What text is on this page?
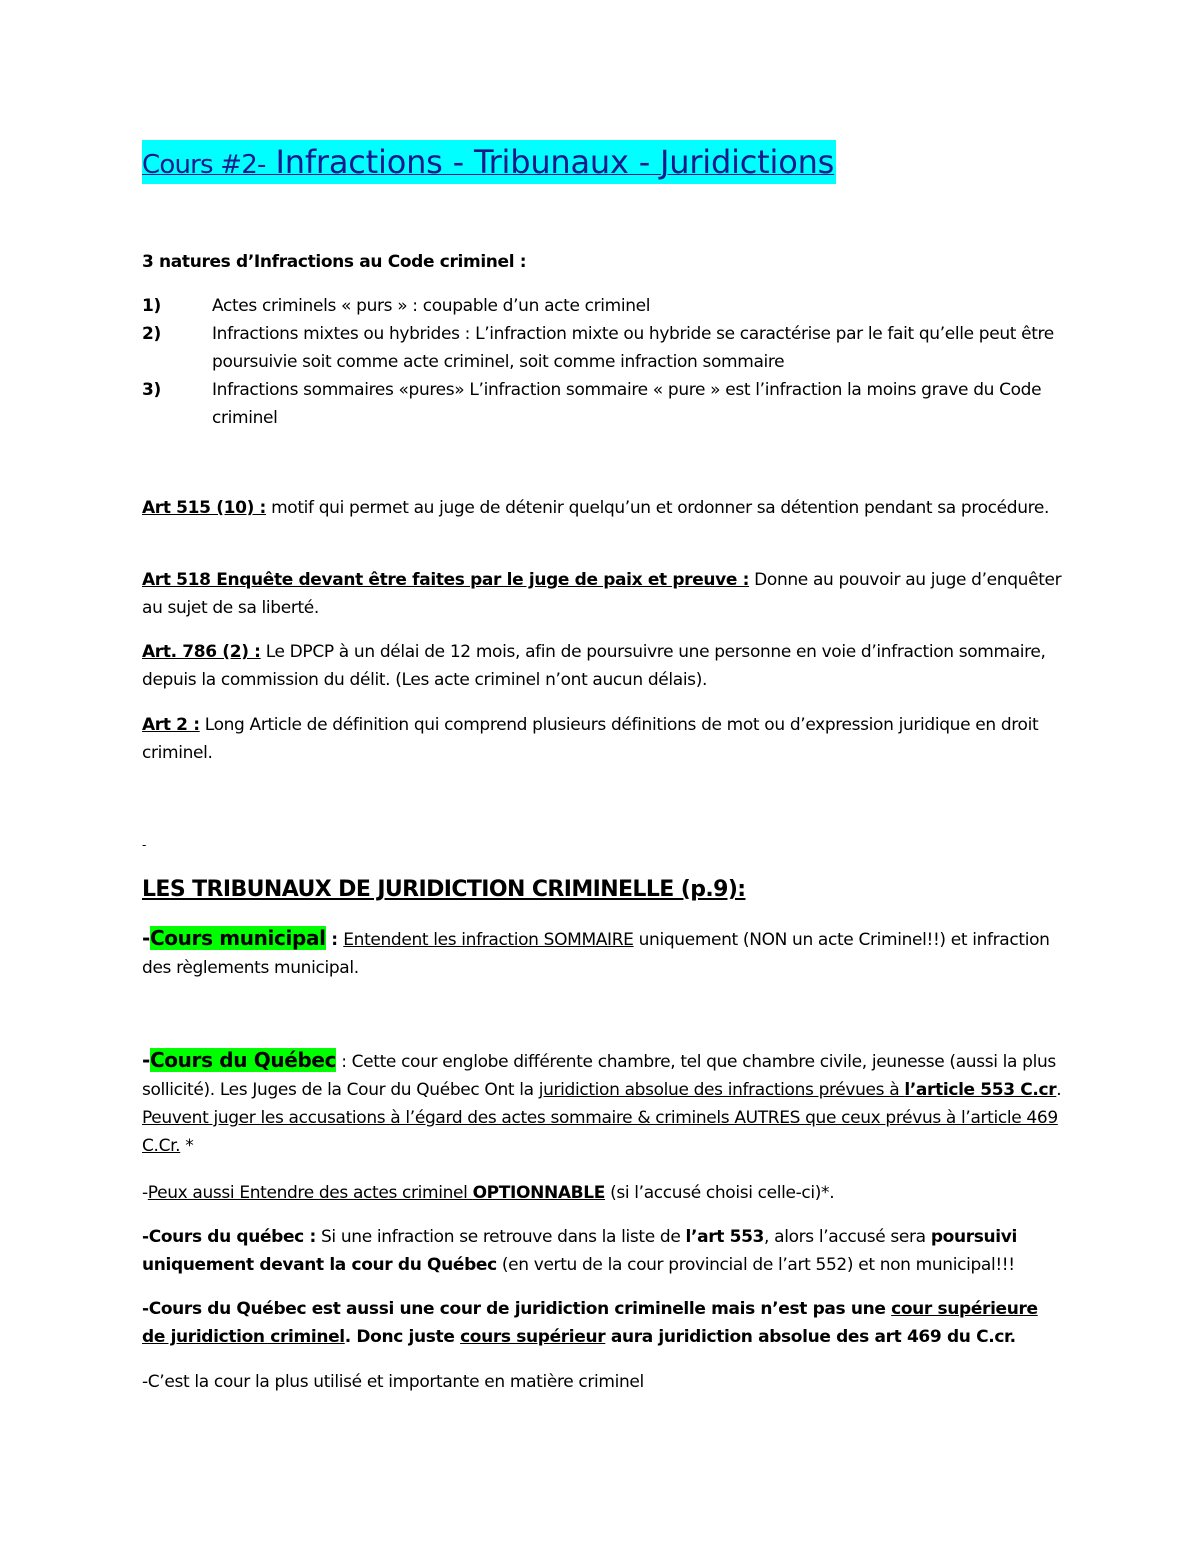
Cours #2- Infractions - Tribunaux - Juridictions
3 natures d’Infractions au Code criminel :
1)	Actes criminels « purs » : coupable d’un acte criminel
2)	Infractions mixtes ou hybrides : L’infraction mixte ou hybride se caractérise par le fait qu’elle peut être poursuivie soit comme acte criminel, soit comme infraction sommaire
3)	Infractions sommaires «pures» L’infraction sommaire « pure » est l’infraction la moins grave du Code criminel
Art 515 (10) : motif qui permet au juge de détenir quelqu’un et ordonner sa détention pendant sa procédure.
Art 518 Enquête devant être faites par le juge de paix et preuve : Donne au pouvoir au juge d’enquêter au sujet de sa liberté.
Art. 786 (2) : Le DPCP à un délai de 12 mois, afin de poursuivre une personne en voie d’infraction sommaire, depuis la commission du délit. (Les acte criminel n’ont aucun délais).
Art 2 : Long Article de définition qui comprend plusieurs définitions de mot ou d’expression juridique en droit criminel.
-
LES TRIBUNAUX DE JURIDICTION CRIMINELLE (p.9):
-Cours municipal : Entendent les infraction SOMMAIRE uniquement (NON un acte Criminel!!) et infraction des règlements municipal.
-Cours du Québec : Cette cour englobe différente chambre, tel que chambre civile, jeunesse (aussi la plus sollicité). Les Juges de la Cour du Québec Ont la juridiction absolue des infractions prévues à l’article 553 C.cr. Peuvent juger les accusations à l’égard des actes sommaire & criminels AUTRES que ceux prévus à l’article 469 C.Cr. *
-Peux aussi Entendre des actes criminel OPTIONNABLE (si l’accusé choisi celle-ci)*.
-Cours du québec : Si une infraction se retrouve dans la liste de l’art 553, alors l’accusé sera poursuivi uniquement devant la cour du Québec (en vertu de la cour provincial de l’art 552) et non municipal!!!
-Cours du Québec est aussi une cour de juridiction criminelle mais n’est pas une cour supérieure de juridiction criminel. Donc juste cours supérieur aura juridiction absolue des art 469 du C.cr.
-C’est la cour la plus utilisé et importante en matière criminel
